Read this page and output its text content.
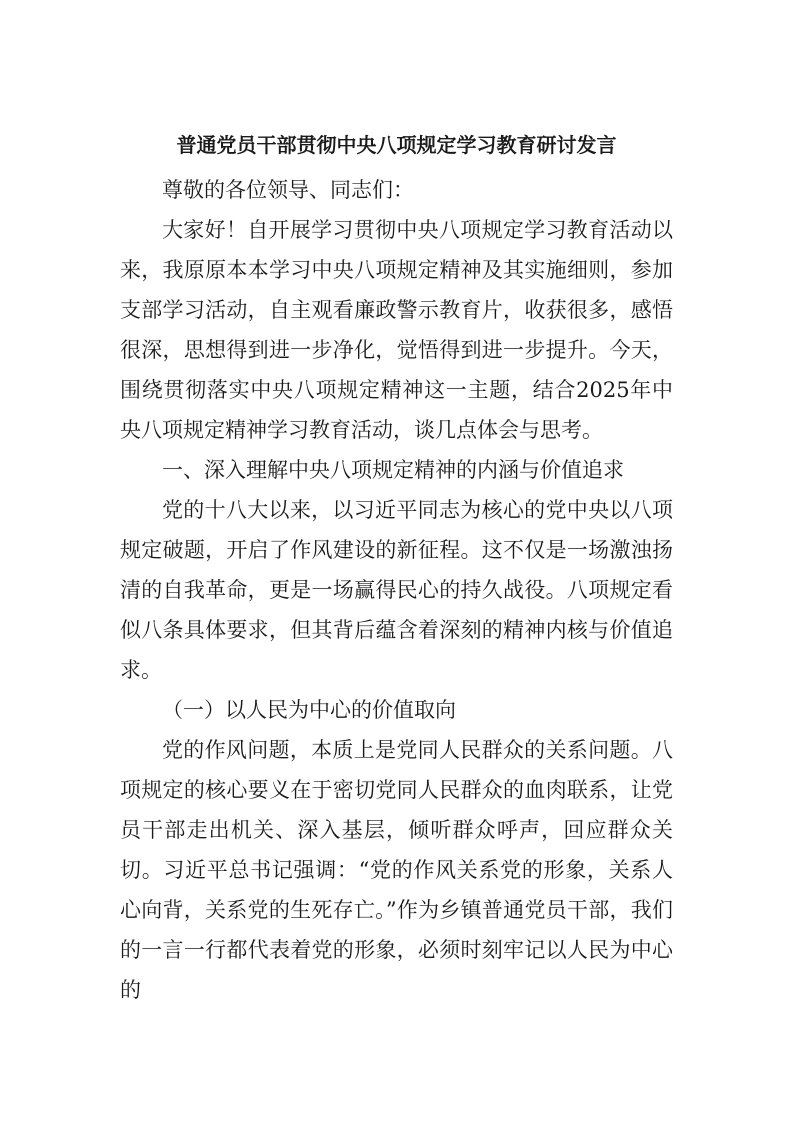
普通党员干部贯彻中央八项规定学习教育研讨发言

尊敬的各位领导、同志们：

大家好！自开展学习贯彻中央八项规定学习教育活动以来，我原原本本学习中央八项规定精神及其实施细则，参加支部学习活动，自主观看廉政警示教育片，收获很多，感悟很深，思想得到进一步净化，觉悟得到进一步提升。今天，围绕贯彻落实中央八项规定精神这一主题，结合2025年中央八项规定精神学习教育活动，谈几点体会与思考。

一、深入理解中央八项规定精神的内涵与价值追求

党的十八大以来，以习近平同志为核心的党中央以八项规定破题，开启了作风建设的新征程。这不仅是一场激浊扬清的自我革命，更是一场赢得民心的持久战役。八项规定看似八条具体要求，但其背后蕴含着深刻的精神内核与价值追求。

（一）以人民为中心的价值取向

党的作风问题，本质上是党同人民群众的关系问题。八项规定的核心要义在于密切党同人民群众的血肉联系，让党员干部走出机关、深入基层，倾听群众呼声，回应群众关切。习近平总书记强调：“党的作风关系党的形象，关系人心向背，关系党的生死存亡。”作为乡镇普通党员干部，我们的一言一行都代表着党的形象，必须时刻牢记以人民为中心的
